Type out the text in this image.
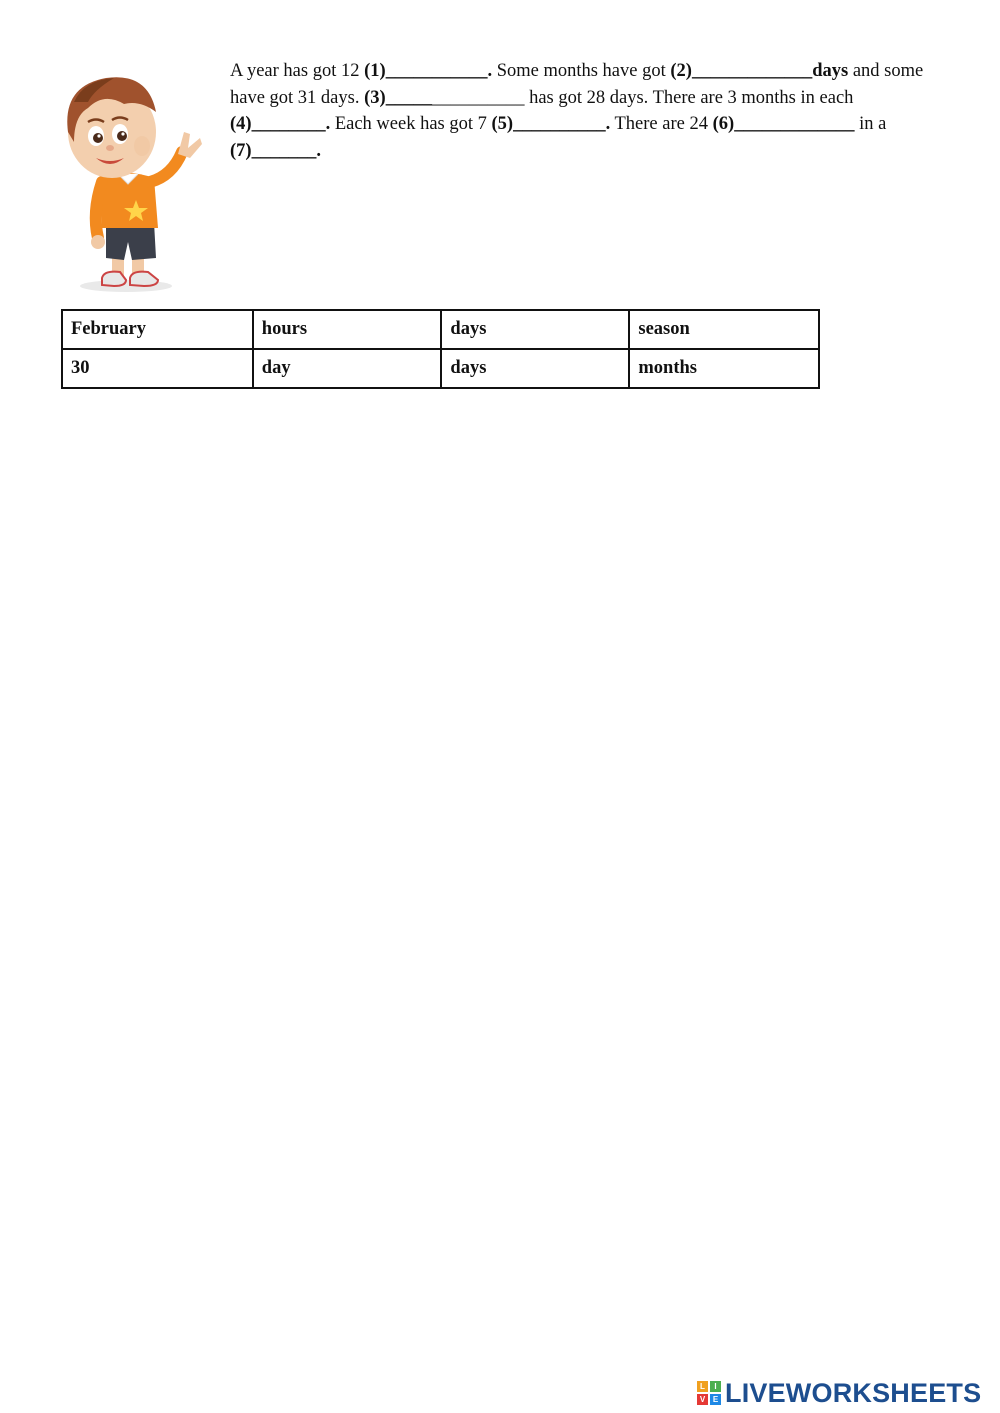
A year has got 12 (1)___________. Some months have got (2)_____________days and some have got 31 days. (3)_______________ has got 28 days. There are 3 months in each (4)________. Each week has got 7 (5)__________. There are 24 (6)_____________ in a (7)_______.
February	hours	days	season
30	day	days	months
L	I
V E LIVEWORKSHEETS
